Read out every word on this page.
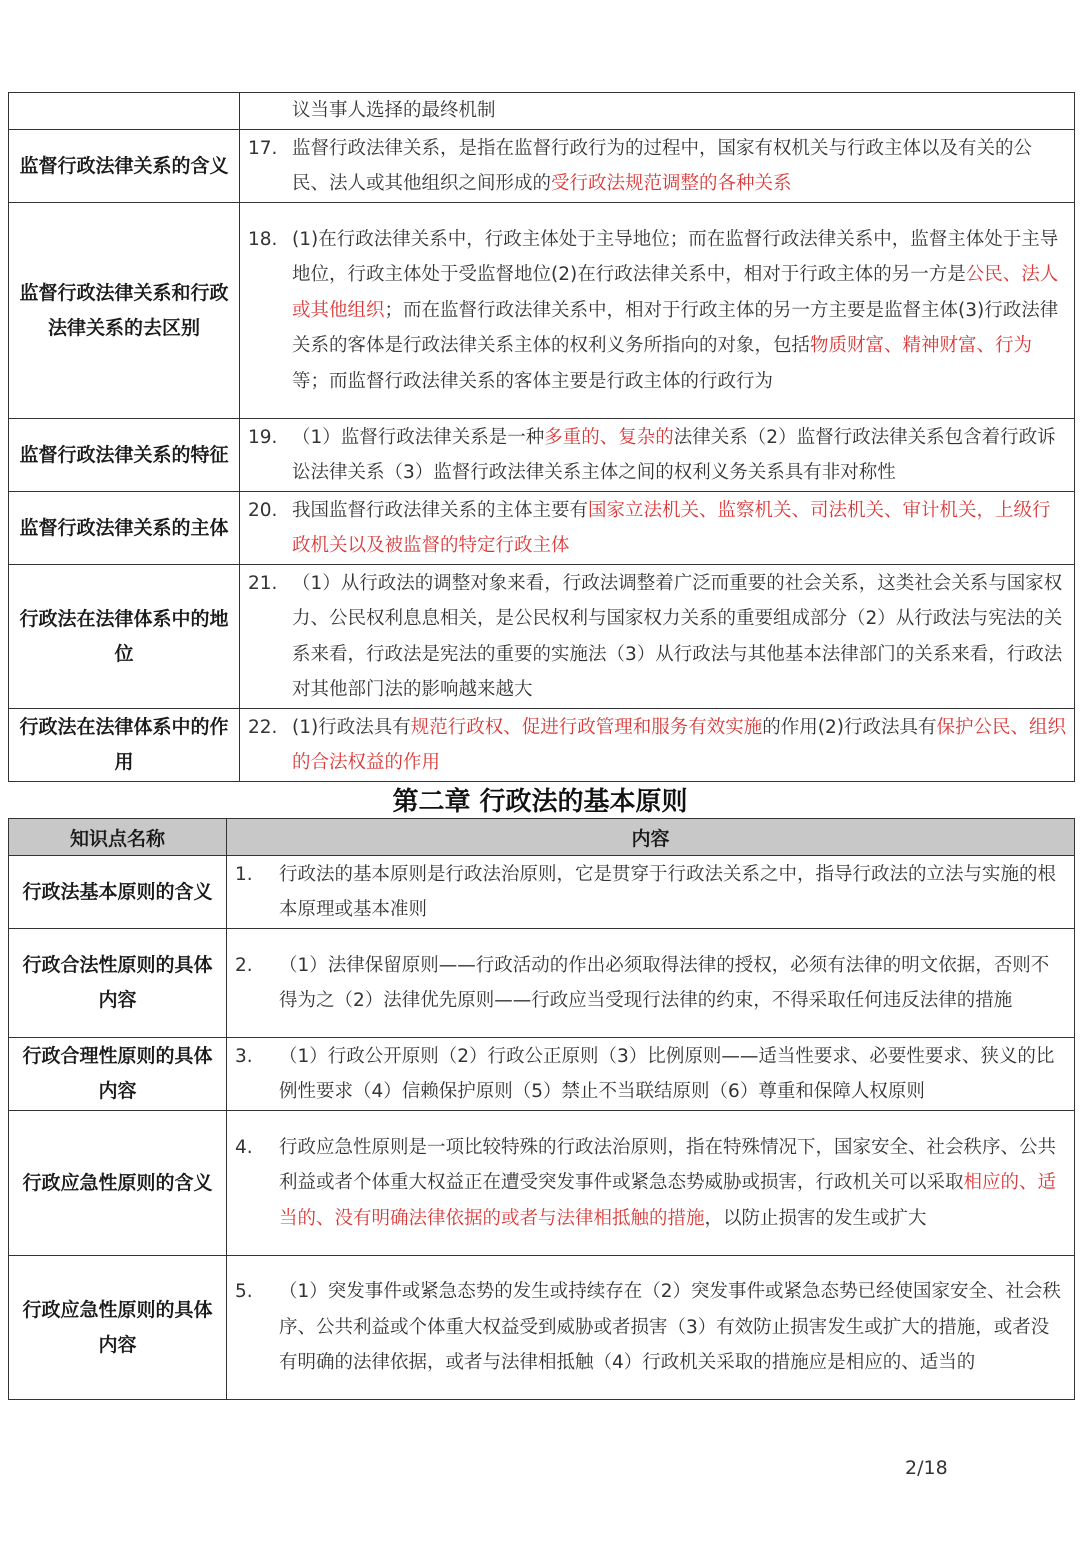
议当事人选择的最终机制

监督行政法律关系的含义	17. 监督行政法律关系，是指在监督行政行为的过程中，国家有权机关与行政主体以及有关的公民、法人或其他组织之间形成的受行政法规范调整的各种关系

监督行政法律关系和行政法律关系的去区别	18. (1)在行政法律关系中，行政主体处于主导地位；而在监督行政法律关系中，监督主体处于主导地位，行政主体处于受监督地位(2)在行政法律关系中，相对于行政主体的另一方是公民、法人或其他组织；而在监督行政法律关系中，相对于行政主体的另一方主要是监督主体(3)行政法律关系的客体是行政法律关系主体的权利义务所指向的对象，包括物质财富、精神财富、行为等；而监督行政法律关系的客体主要是行政主体的行政行为

监督行政法律关系的特征	19. （1）监督行政法律关系是一种多重的、复杂的法律关系（2）监督行政法律关系包含着行政诉讼法律关系（3）监督行政法律关系主体之间的权利义务关系具有非对称性

监督行政法律关系的主体	20. 我国监督行政法律关系的主体主要有国家立法机关、监察机关、司法机关、审计机关，上级行政机关以及被监督的特定行政主体

行政法在法律体系中的地位	21. （1）从行政法的调整对象来看，行政法调整着广泛而重要的社会关系，这类社会关系与国家权力、公民权利息息相关，是公民权利与国家权力关系的重要组成部分（2）从行政法与宪法的关系来看，行政法是宪法的重要的实施法（3）从行政法与其他基本法律部门的关系来看，行政法对其他部门法的影响越来越大

行政法在法律体系中的作用	22. (1)行政法具有规范行政权、促进行政管理和服务有效实施的作用(2)行政法具有保护公民、组织的合法权益的作用
第二章 行政法的基本原则
知识点名称	内容
行政法基本原则的含义	1. 行政法的基本原则是行政法治原则，它是贯穿于行政法关系之中，指导行政法的立法与实施的根本原理或基本准则

行政合法性原则的具体内容	2. （1）法律保留原则——行政活动的作出必须取得法律的授权，必须有法律的明文依据，否则不得为之（2）法律优先原则——行政应当受现行法律的约束，不得采取任何违反法律的措施

行政合理性原则的具体内容	3. （1）行政公开原则（2）行政公正原则（3）比例原则——适当性要求、必要性要求、狭义的比例性要求（4）信赖保护原则（5）禁止不当联结原则（6）尊重和保障人权原则

行政应急性原则的含义	4. 行政应急性原则是一项比较特殊的行政法治原则，指在特殊情况下，国家安全、社会秩序、公共利益或者个体重大权益正在遭受突发事件或紧急态势威胁或损害，行政机关可以采取相应的、适当的、没有明确法律依据的或者与法律相抵触的措施，以防止损害的发生或扩大

行政应急性原则的具体内容	5. （1）突发事件或紧急态势的发生或持续存在（2）突发事件或紧急态势已经使国家安全、社会秩序、公共利益或个体重大权益受到威胁或者损害（3）有效防止损害发生或扩大的措施，或者没有明确的法律依据，或者与法律相抵触（4）行政机关采取的措施应是相应的、适当的
2/18
